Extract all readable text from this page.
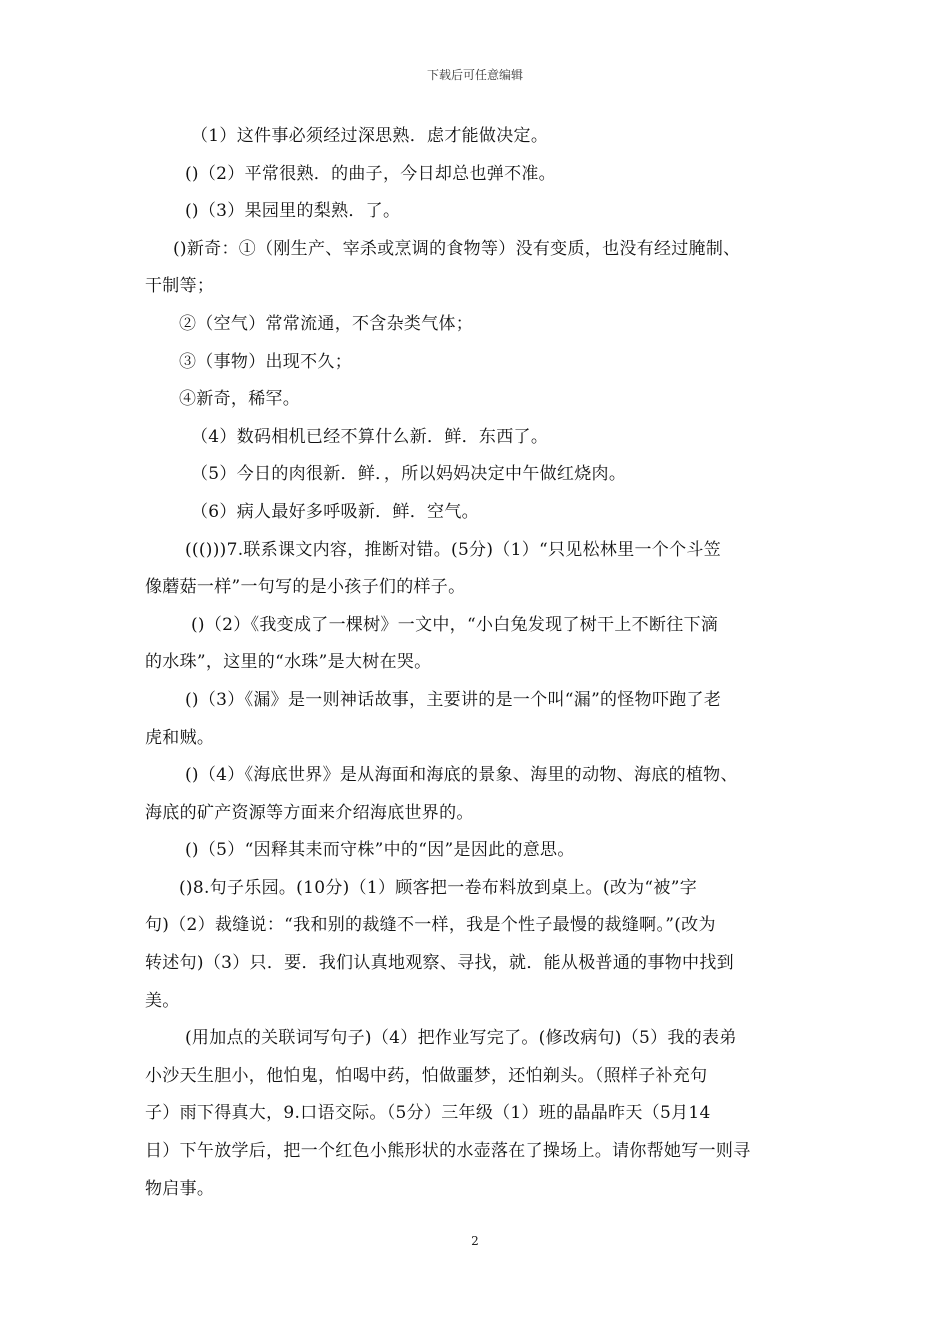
下载后可任意编辑
（1）这件事必须经过深思熟．虑才能做决定。
()（2）平常很熟．的曲子，今日却总也弹不准。
()（3）果园里的梨熟．了。
()新奇：①（刚生产、宰杀或烹调的食物等）没有变质，也没有经过腌制、
干制等；
②（空气）常常流通，不含杂类气体；
③（事物）出现不久；
④新奇，稀罕。
（4）数码相机已经不算什么新．鲜．东西了。
（5）今日的肉很新．鲜．，所以妈妈决定中午做红烧肉。
（6）病人最好多呼吸新．鲜．空气。
((()))7.联系课文内容，推断对错。(5分)（1）“只见松林里一个个斗笠
像蘑菇一样”一句写的是小孩子们的样子。
()（2）《我变成了一棵树》一文中，“小白兔发现了树干上不断往下滴
的水珠”，这里的“水珠”是大树在哭。
()（3）《漏》是一则神话故事，主要讲的是一个叫“漏”的怪物吓跑了老
虎和贼。
()（4）《海底世界》是从海面和海底的景象、海里的动物、海底的植物、
海底的矿产资源等方面来介绍海底世界的。
()（5）“因释其耒而守株”中的“因”是因此的意思。
()8.句子乐园。(10分)（1）顾客把一卷布料放到桌上。(改为“被”字
句)（2）裁缝说：“我和别的裁缝不一样，我是个性子最慢的裁缝啊。”(改为
转述句)（3）只．要．我们认真地观察、寻找，就．能从极普通的事物中找到
美。
(用加点的关联词写句子)（4）把作业写完了。(修改病句)（5）我的表弟
小沙天生胆小，他怕鬼，怕喝中药，怕做噩梦，还怕剃头。（照样子补充句
子）雨下得真大，9.口语交际。（5分）三年级（1）班的晶晶昨天（5月14
日）下午放学后，把一个红色小熊形状的水壶落在了操场上。请你帮她写一则寻
物启事。
2
